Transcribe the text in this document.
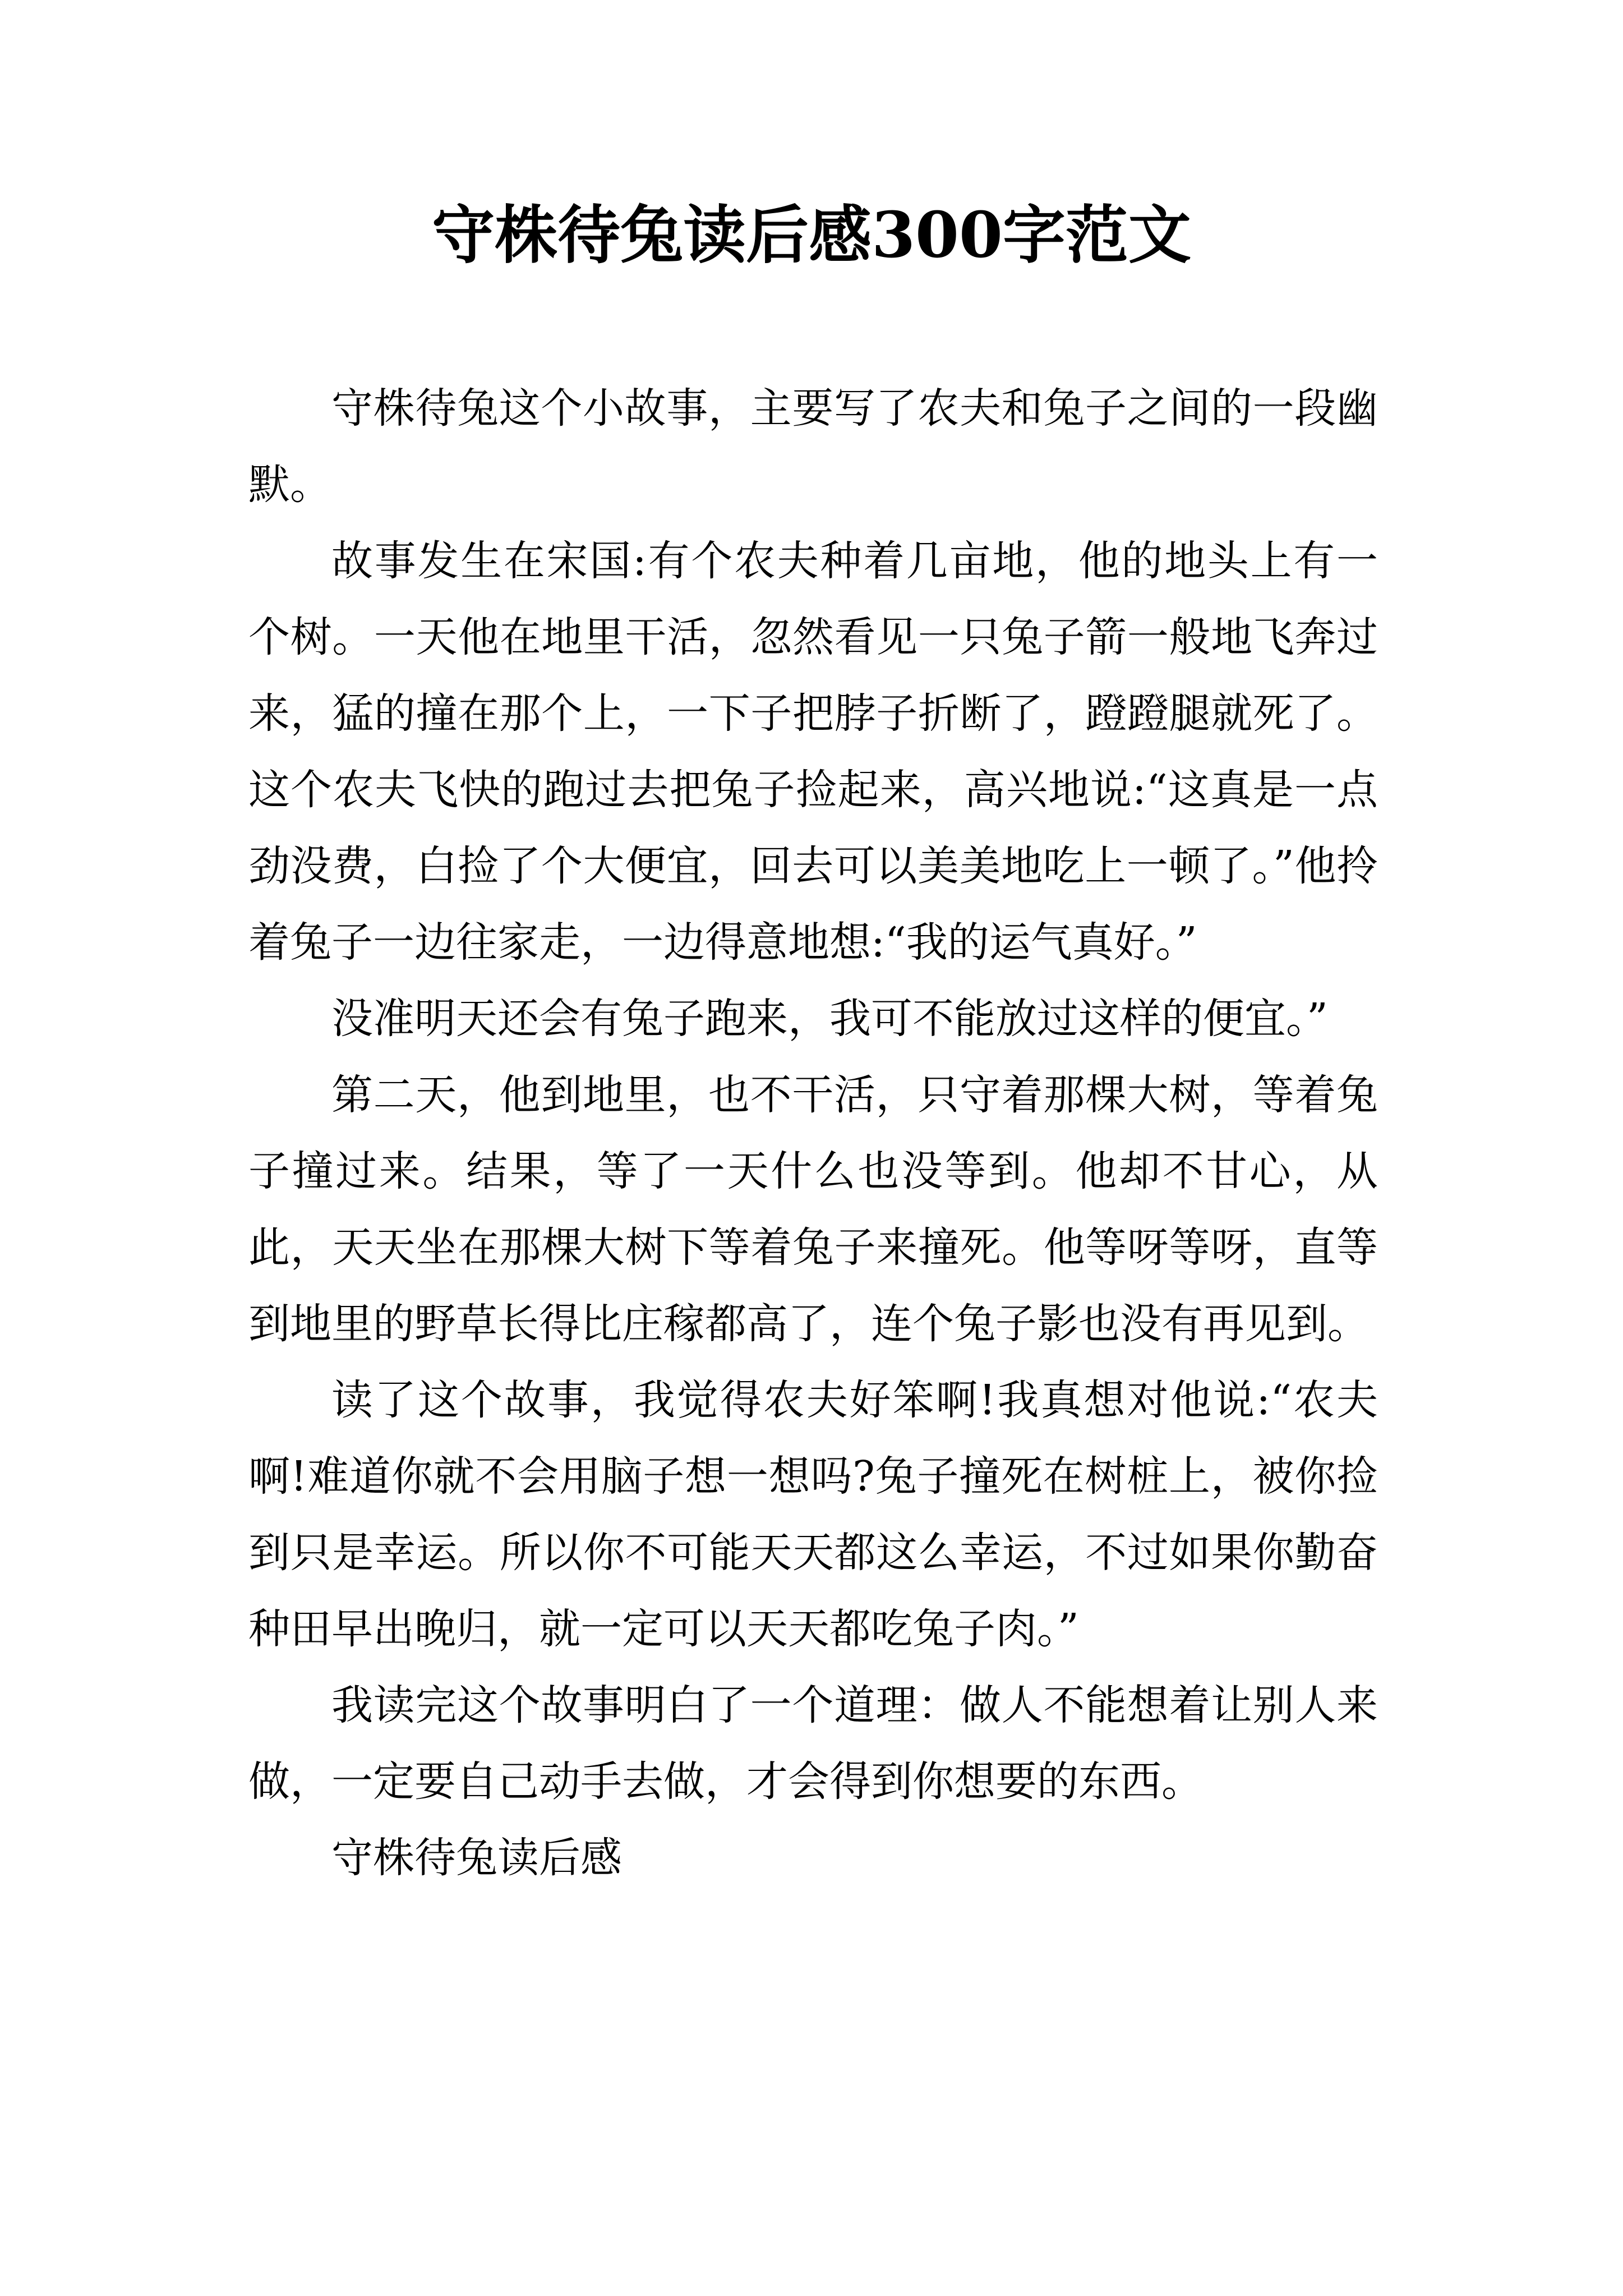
守株待兔读后感300字范文

守株待兔这个小故事，主要写了农夫和兔子之间的一段幽默。

故事发生在宋国:有个农夫种着几亩地，他的地头上有一个树。一天他在地里干活，忽然看见一只兔子箭一般地飞奔过来，猛的撞在那个上，一下子把脖子折断了，蹬蹬腿就死了。这个农夫飞快的跑过去把兔子捡起来，高兴地说:“这真是一点劲没费，白捡了个大便宜，回去可以美美地吃上一顿了。”他拎着兔子一边往家走，一边得意地想:“我的运气真好。”

没准明天还会有兔子跑来，我可不能放过这样的便宜。”

第二天，他到地里，也不干活，只守着那棵大树，等着兔子撞过来。结果，等了一天什么也没等到。他却不甘心，从此，天天坐在那棵大树下等着兔子来撞死。他等呀等呀，直等到地里的野草长得比庄稼都高了，连个兔子影也没有再见到。

读了这个故事，我觉得农夫好笨啊!我真想对他说:“农夫啊!难道你就不会用脑子想一想吗?兔子撞死在树桩上，被你捡到只是幸运。所以你不可能天天都这么幸运，不过如果你勤奋种田早出晚归，就一定可以天天都吃兔子肉。”

我读完这个故事明白了一个道理：做人不能想着让别人来做，一定要自己动手去做，才会得到你想要的东西。

守株待兔读后感
